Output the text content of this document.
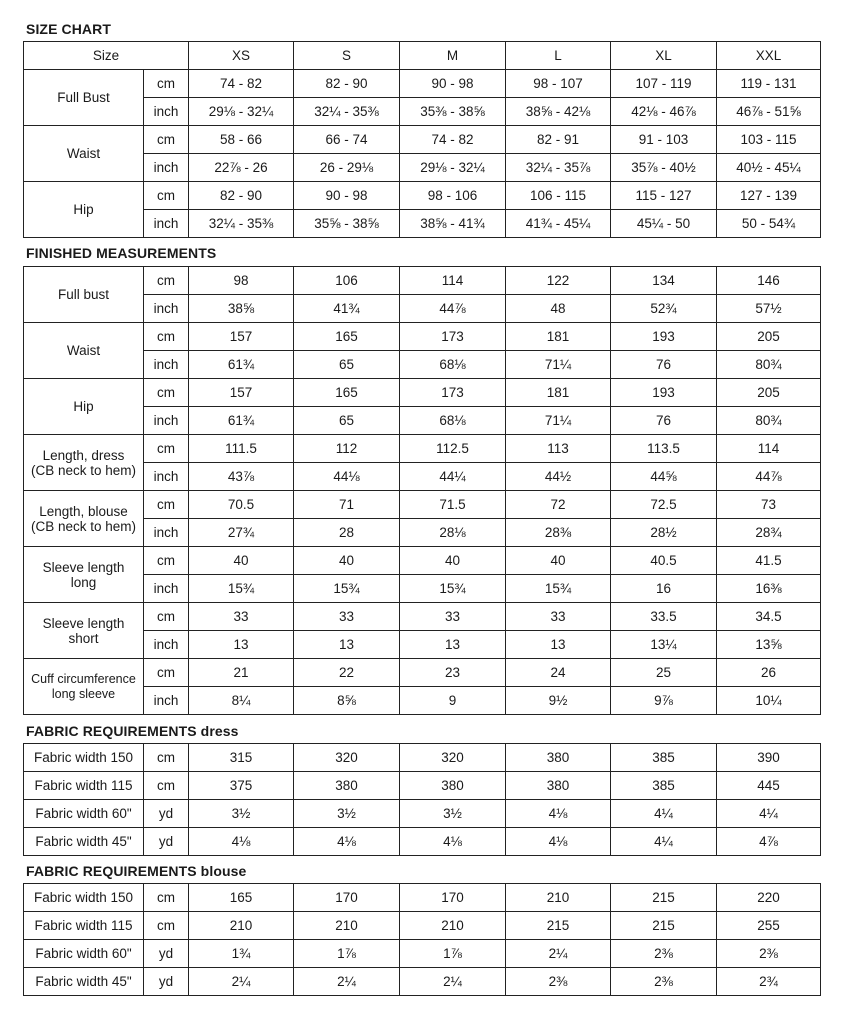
SIZE CHART
Size		XS	S	M	L	XL	XXL
Full Bust	cm	74 - 82	82 - 90	90 - 98	98 - 107	107 - 119	119 - 131
	inch	29⅛ - 32¼	32¼ - 35⅜	35⅜ - 38⅝	38⅝ - 42⅛	42⅛ - 46⅞	46⅞ - 51⅝
Waist	cm	58 - 66	66 - 74	74 - 82	82 - 91	91 - 103	103 - 115
	inch	22⅞ - 26	26 - 29⅛	29⅛ - 32¼	32¼ - 35⅞	35⅞ - 40½	40½ - 45¼
Hip	cm	82 - 90	90 - 98	98 - 106	106 - 115	115 - 127	127 - 139
	inch	32¼ - 35⅜	35⅝ - 38⅝	38⅝ - 41¾	41¾ - 45¼	45¼ - 50	50 - 54¾
FINISHED MEASUREMENTS
Full bust	cm	98	106	114	122	134	146
	inch	38⅝	41¾	44⅞	48	52¾	57½

Waist	cm	157	165	173	181	193	205
	inch	61¾	65	68⅛	71¼	76	80¾

Hip	cm	157	165	173	181	193	205
	inch	61¾	65	68⅛	71¼	76	80¾

Length, dress
(CB neck to hem)	cm	111.5	112	112.5	113	113.5	114
	inch	43⅞	44⅛	44¼	44½	44⅝	44⅞

Length, blouse
(CB neck to hem)	cm	70.5	71	71.5	72	72.5	73
	inch	27¾	28	28⅛	28⅜	28½	28¾

Sleeve length
long	cm	40	40	40	40	40.5	41.5
	inch	15¾	15¾	15¾	15¾	16	16⅜

Sleeve length
short	cm	33	33	33	33	33.5	34.5
	inch	13	13	13	13	13¼	13⅝

Cuff circumference
long sleeve	cm	21	22	23	24	25	26
	inch	8¼	8⅝	9	9½	9⅞	10¼
FABRIC REQUIREMENTS dress
Fabric width 150	cm	315	320	320	380	385	390
Fabric width 115	cm	375	380	380	380	385	445
Fabric width 60"	yd	3½	3½	3½	4⅛	4¼	4¼
Fabric width 45"	yd	4⅛	4⅛	4⅛	4⅛	4¼	4⅞
FABRIC REQUIREMENTS blouse
Fabric width 150	cm	165	170	170	210	215	220
Fabric width 115	cm	210	210	210	215	215	255
Fabric width 60"	yd	1¾	1⅞	1⅞	2¼	2⅜	2⅜
Fabric width 45"	yd	2¼	2¼	2¼	2⅜	2⅜	2¾
